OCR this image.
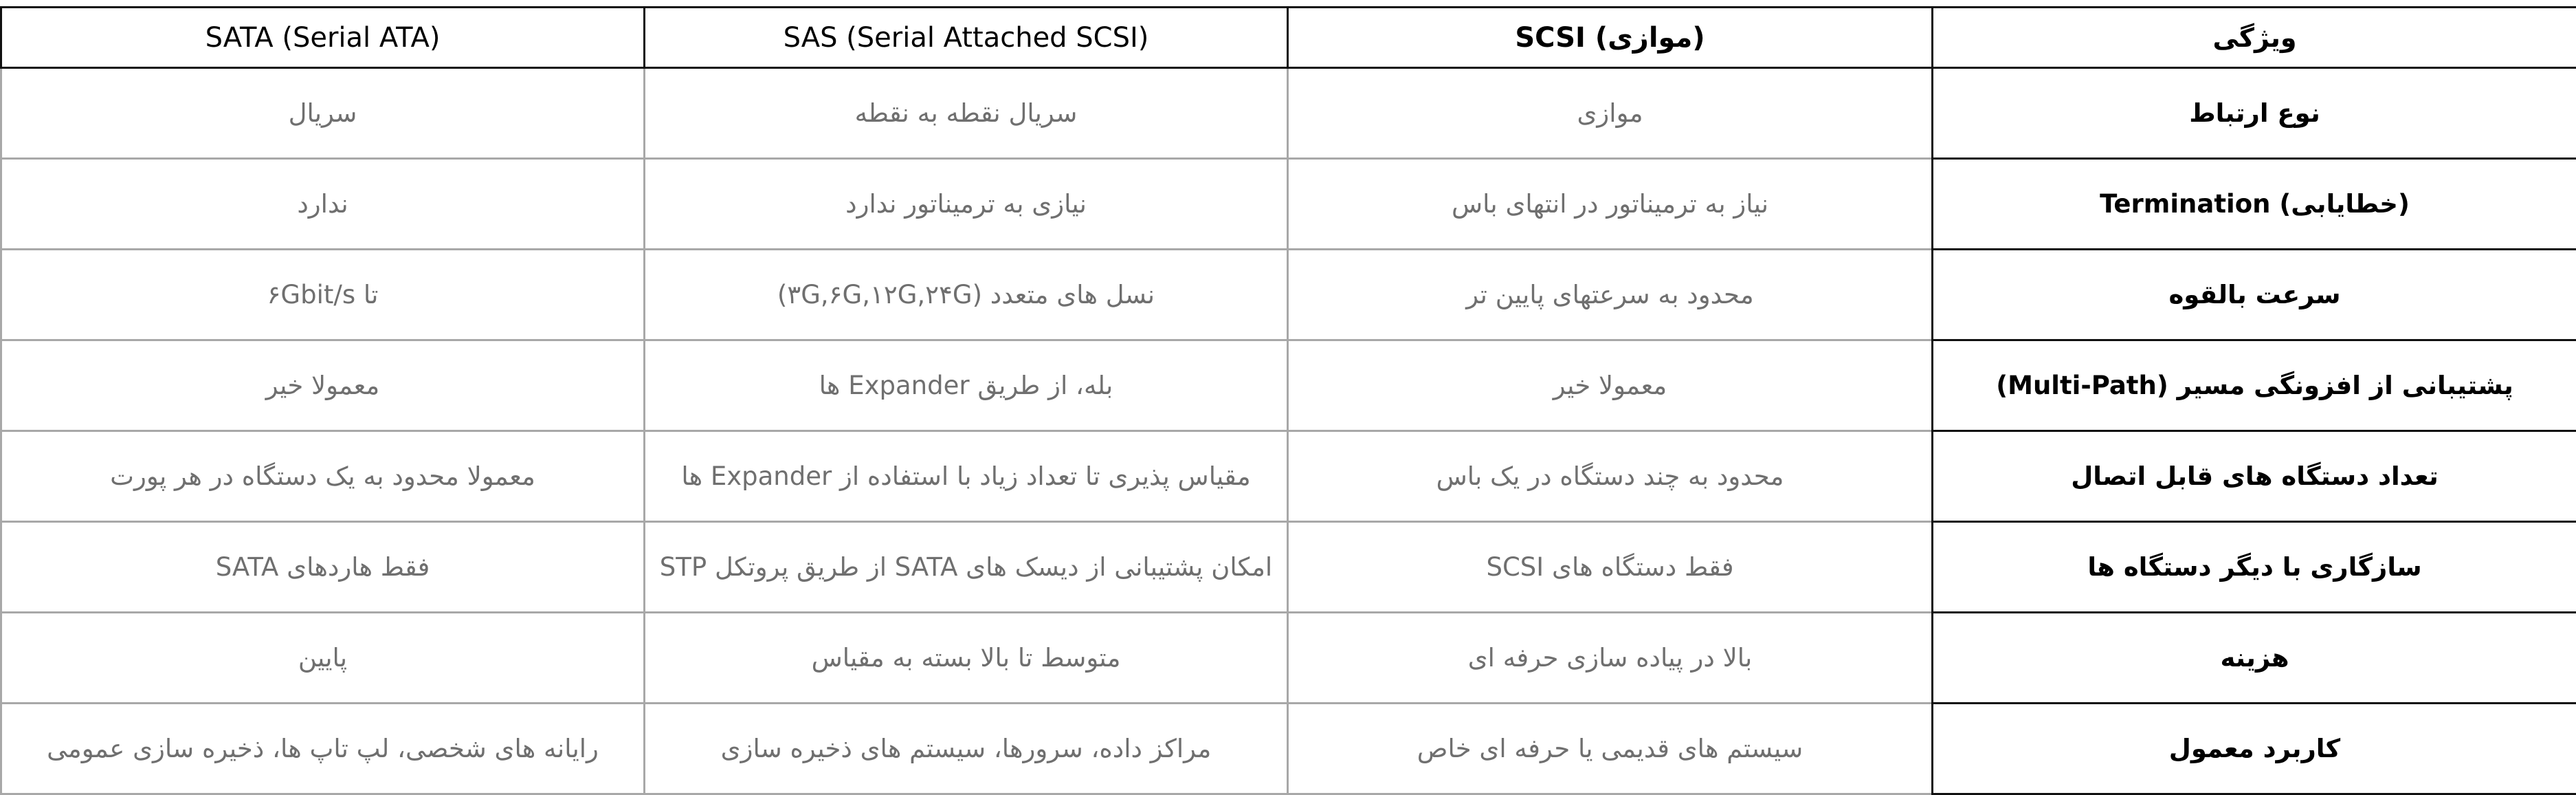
ویژگی	(موازی) SCSI	SAS (Serial Attached SCSI)	SATA (Serial ATA)
نوع ارتباط	موازی	سریال نقطه به نقطه	سریال
(خطایابی) Termination	نیاز به ترمیناتور در انتهای باس	نیازی به ترمیناتور ندارد	ندارد
سرعت بالقوه	محدود به سرعتهای پایین تر	نسل های متعدد (۳G,۶G,۱۲G,۲۴G)	تا ۶Gbit/s
پشتیبانی از افزونگی مسیر (Multi-Path)	معمولا خیر	بله، از طریق Expander ها	معمولا خیر
تعداد دستگاه های قابل اتصال	محدود به چند دستگاه در یک باس	مقیاس پذیری تا تعداد زیاد با استفاده از Expander ها	معمولا محدود به یک دستگاه در هر پورت
سازگاری با دیگر دستگاه ها	فقط دستگاه های SCSI	امکان پشتیبانی از دیسک های SATA از طریق پروتکل STP	فقط هاردهای SATA
هزینه	بالا در پیاده سازی حرفه ای	متوسط تا بالا بسته به مقیاس	پایین
کاربرد معمول	سیستم های قدیمی یا حرفه ای خاص	مراکز داده، سرورها، سیستم های ذخیره سازی	رایانه های شخصی، لپ تاپ ها، ذخیره سازی عمومی
